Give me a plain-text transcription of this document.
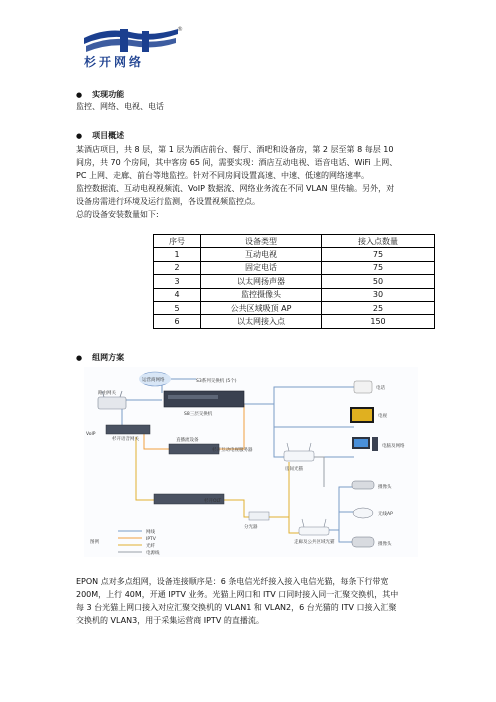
®
杉开网络
● 实现功能
监控、网络、电视、电话
● 项目概述
某酒店项目，共 8 层，第 1 层为酒店前台、餐厅、酒吧和设备房，第 2 层至第 8 每层 10
间房，共 70 个房间，其中客房 65 间，需要实现：酒店互动电视、语音电话、WiFi 上网、
PC 上网、走廊、前台等地监控。针对不同房间设置高速、中速、低速的网络速率。
监控数据流、互动电视视频流、VoIP 数据流、网络业务流在不同 VLAN 里传输。另外，对
设备房需进行环境及运行监测，各设置视频监控点。
总的设备安装数量如下:
序号	设备类型	接入点数量
1	互动电视	75
2	固定电话	75
3	以太网扬声器	50
4	监控摄像头	30
5	公共区域吸顶 AP	25
6	以太网接入点	150
● 组网方案
运营商网络
路由网关
S3系列交换机 (5个)
S8三层交换机
VoIP
杉开语音网关	直播流设备
杉开互动电视服务器
杉开OLT
分光器
房间光猫
走廊及公共区域光猫
电话
电视
电脑及网络
摄像头
无线AP
摄像头
图例
网线
IPTV
光纤
电源线
EPON 点对多点组网，设备连接顺序是：6 条电信光纤接入接入电信光猫，每条下行带宽
200M，上行 40M，开通 IPTV 业务。光猫上网口和 ITV 口同时接入同一汇聚交换机，其中
每 3 台光猫上网口接入对应汇聚交换机的 VLAN1 和 VLAN2，6 台光猫的 ITV 口接入汇聚
交换机的 VLAN3，用于采集运营商 IPTV 的直播流。
